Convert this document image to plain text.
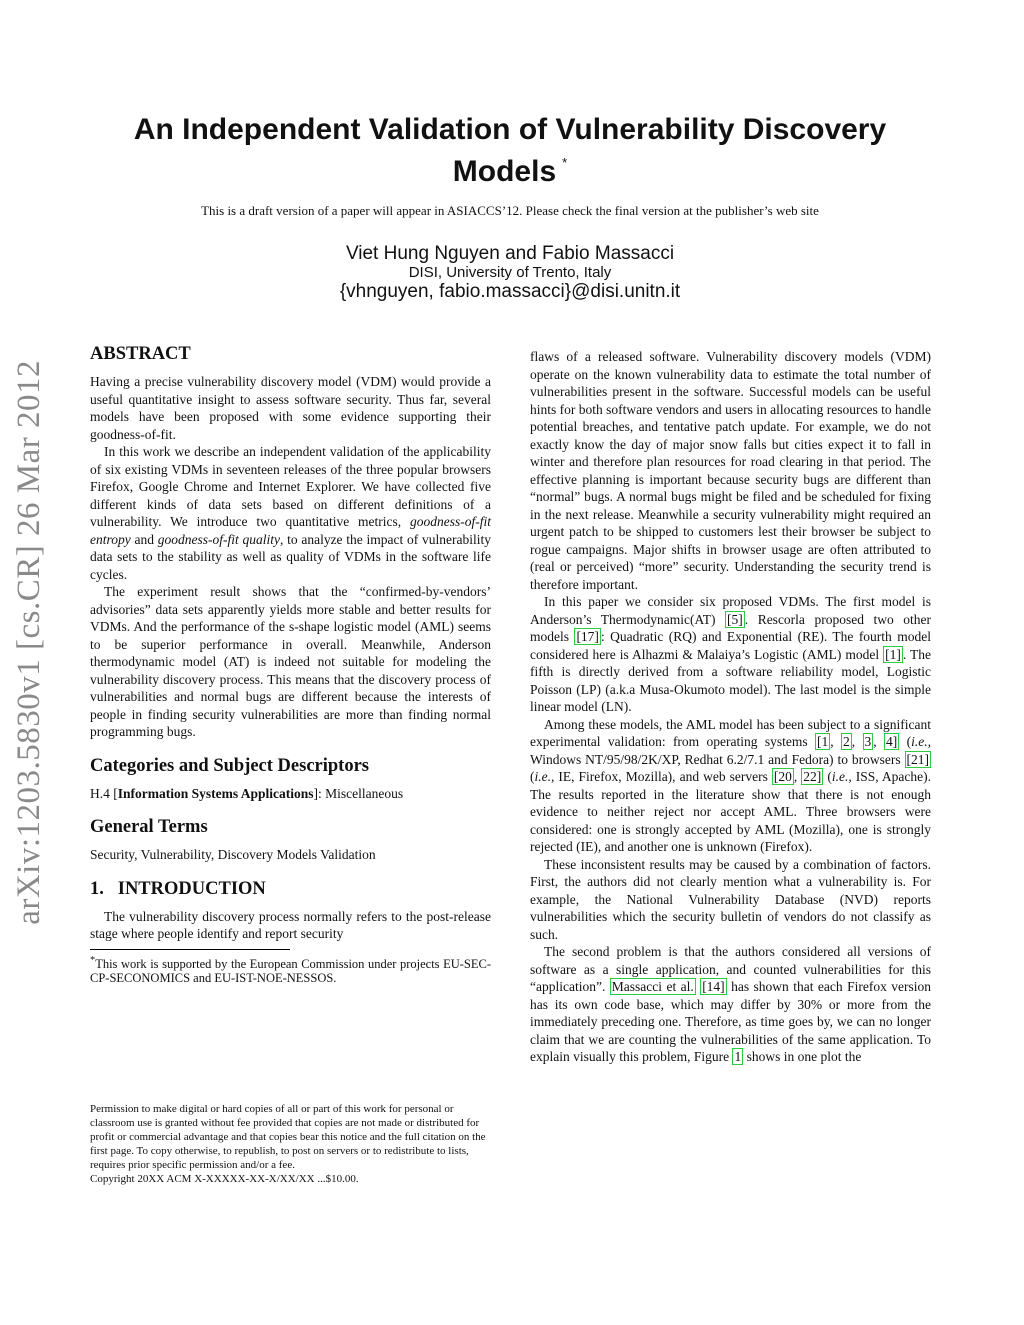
arXiv:1203.5830v1 [cs.CR] 26 Mar 2012
An Independent Validation of Vulnerability Discovery
Models *
This is a draft version of a paper will appear in ASIACCS’12. Please check the final version at the publisher’s web site
Viet Hung Nguyen and Fabio Massacci
DISI, University of Trento, Italy
{vhnguyen, fabio.massacci}@disi.unitn.it
ABSTRACT

Having a precise vulnerability discovery model (VDM) would provide a useful quantitative insight to assess software security. Thus far, several models have been proposed with some evidence supporting their goodness-of-fit.

In this work we describe an independent validation of the applicability of six existing VDMs in seventeen releases of the three popular browsers Firefox, Google Chrome and Internet Explorer. We have collected five different kinds of data sets based on different definitions of a vulnerability. We introduce two quantitative metrics, goodness-of-fit entropy and goodness-of-fit quality, to analyze the impact of vulnerability data sets to the stability as well as quality of VDMs in the software life cycles.

The experiment result shows that the “confirmed-by-vendors’ advisories” data sets apparently yields more stable and better results for VDMs. And the performance of the s-shape logistic model (AML) seems to be superior performance in overall. Meanwhile, Anderson thermodynamic model (AT) is indeed not suitable for modeling the vulnerability discovery process. This means that the discovery process of vulnerabilities and normal bugs are different because the interests of people in finding security vulnerabilities are more than finding normal programming bugs.

Categories and Subject Descriptors

H.4 [Information Systems Applications]: Miscellaneous

General Terms

Security, Vulnerability, Discovery Models Validation

1.   INTRODUCTION

The vulnerability discovery process normally refers to the post-release stage where people identify and report security

*This work is supported by the European Commission under projects EU-SEC-CP-SECONOMICS and EU-IST-NOE-NESSOS.
Permission to make digital or hard copies of all or part of this work for personal or classroom use is granted without fee provided that copies are not made or distributed for profit or commercial advantage and that copies bear this notice and the full citation on the first page. To copy otherwise, to republish, to post on servers or to redistribute to lists, requires prior specific permission and/or a fee.
Copyright 20XX ACM X-XXXXX-XX-X/XX/XX ...$10.00.

flaws of a released software. Vulnerability discovery models (VDM) operate on the known vulnerability data to estimate the total number of vulnerabilities present in the software. Successful models can be useful hints for both software vendors and users in allocating resources to handle potential breaches, and tentative patch update. For example, we do not exactly know the day of major snow falls but cities expect it to fall in winter and therefore plan resources for road clearing in that period. The effective planning is important because security bugs are different than “normal” bugs. A normal bugs might be filed and be scheduled for fixing in the next release. Meanwhile a security vulnerability might required an urgent patch to be shipped to customers lest their browser be subject to rogue campaigns. Major shifts in browser usage are often attributed to (real or perceived) “more” security. Understanding the security trend is therefore important.

In this paper we consider six proposed VDMs. The first model is Anderson’s Thermodynamic(AT) [5] . Rescorla proposed two other models [17] : Quadratic (RQ) and Exponential (RE). The fourth model considered here is Alhazmi & Malaiya’s Logistic (AML) model [1] . The fifth is directly derived from a software reliability model, Logistic Poisson (LP) (a.k.a Musa-Okumoto model). The last model is the simple linear model (LN).

Among these models, the AML model has been subject to a significant experimental validation: from operating systems [1 , 2 , 3 , 4] (i.e., Windows NT/95/98/2K/XP, Redhat 6.2/7.1 and Fedora) to browsers [21] (i.e., IE, Firefox, Mozilla), and web servers [20 , 22] (i.e., ISS, Apache). The results reported in the literature show that there is not enough evidence to neither reject nor accept AML. Three browsers were considered: one is strongly accepted by AML (Mozilla), one is strongly rejected (IE), and another one is unknown (Firefox).

These inconsistent results may be caused by a combination of factors. First, the authors did not clearly mention what a vulnerability is. For example, the National Vulnerability Database (NVD) reports vulnerabilities which the security bulletin of vendors do not classify as such.

The second problem is that the authors considered all versions of software as a single application, and counted vulnerabilities for this “application”. Massacci et al. [14] has shown that each Firefox version has its own code base, which may differ by 30% or more from the immediately preceding one. Therefore, as time goes by, we can no longer claim that we are counting the vulnerabilities of the same application. To explain visually this problem, Figure 1 shows in one plot the
